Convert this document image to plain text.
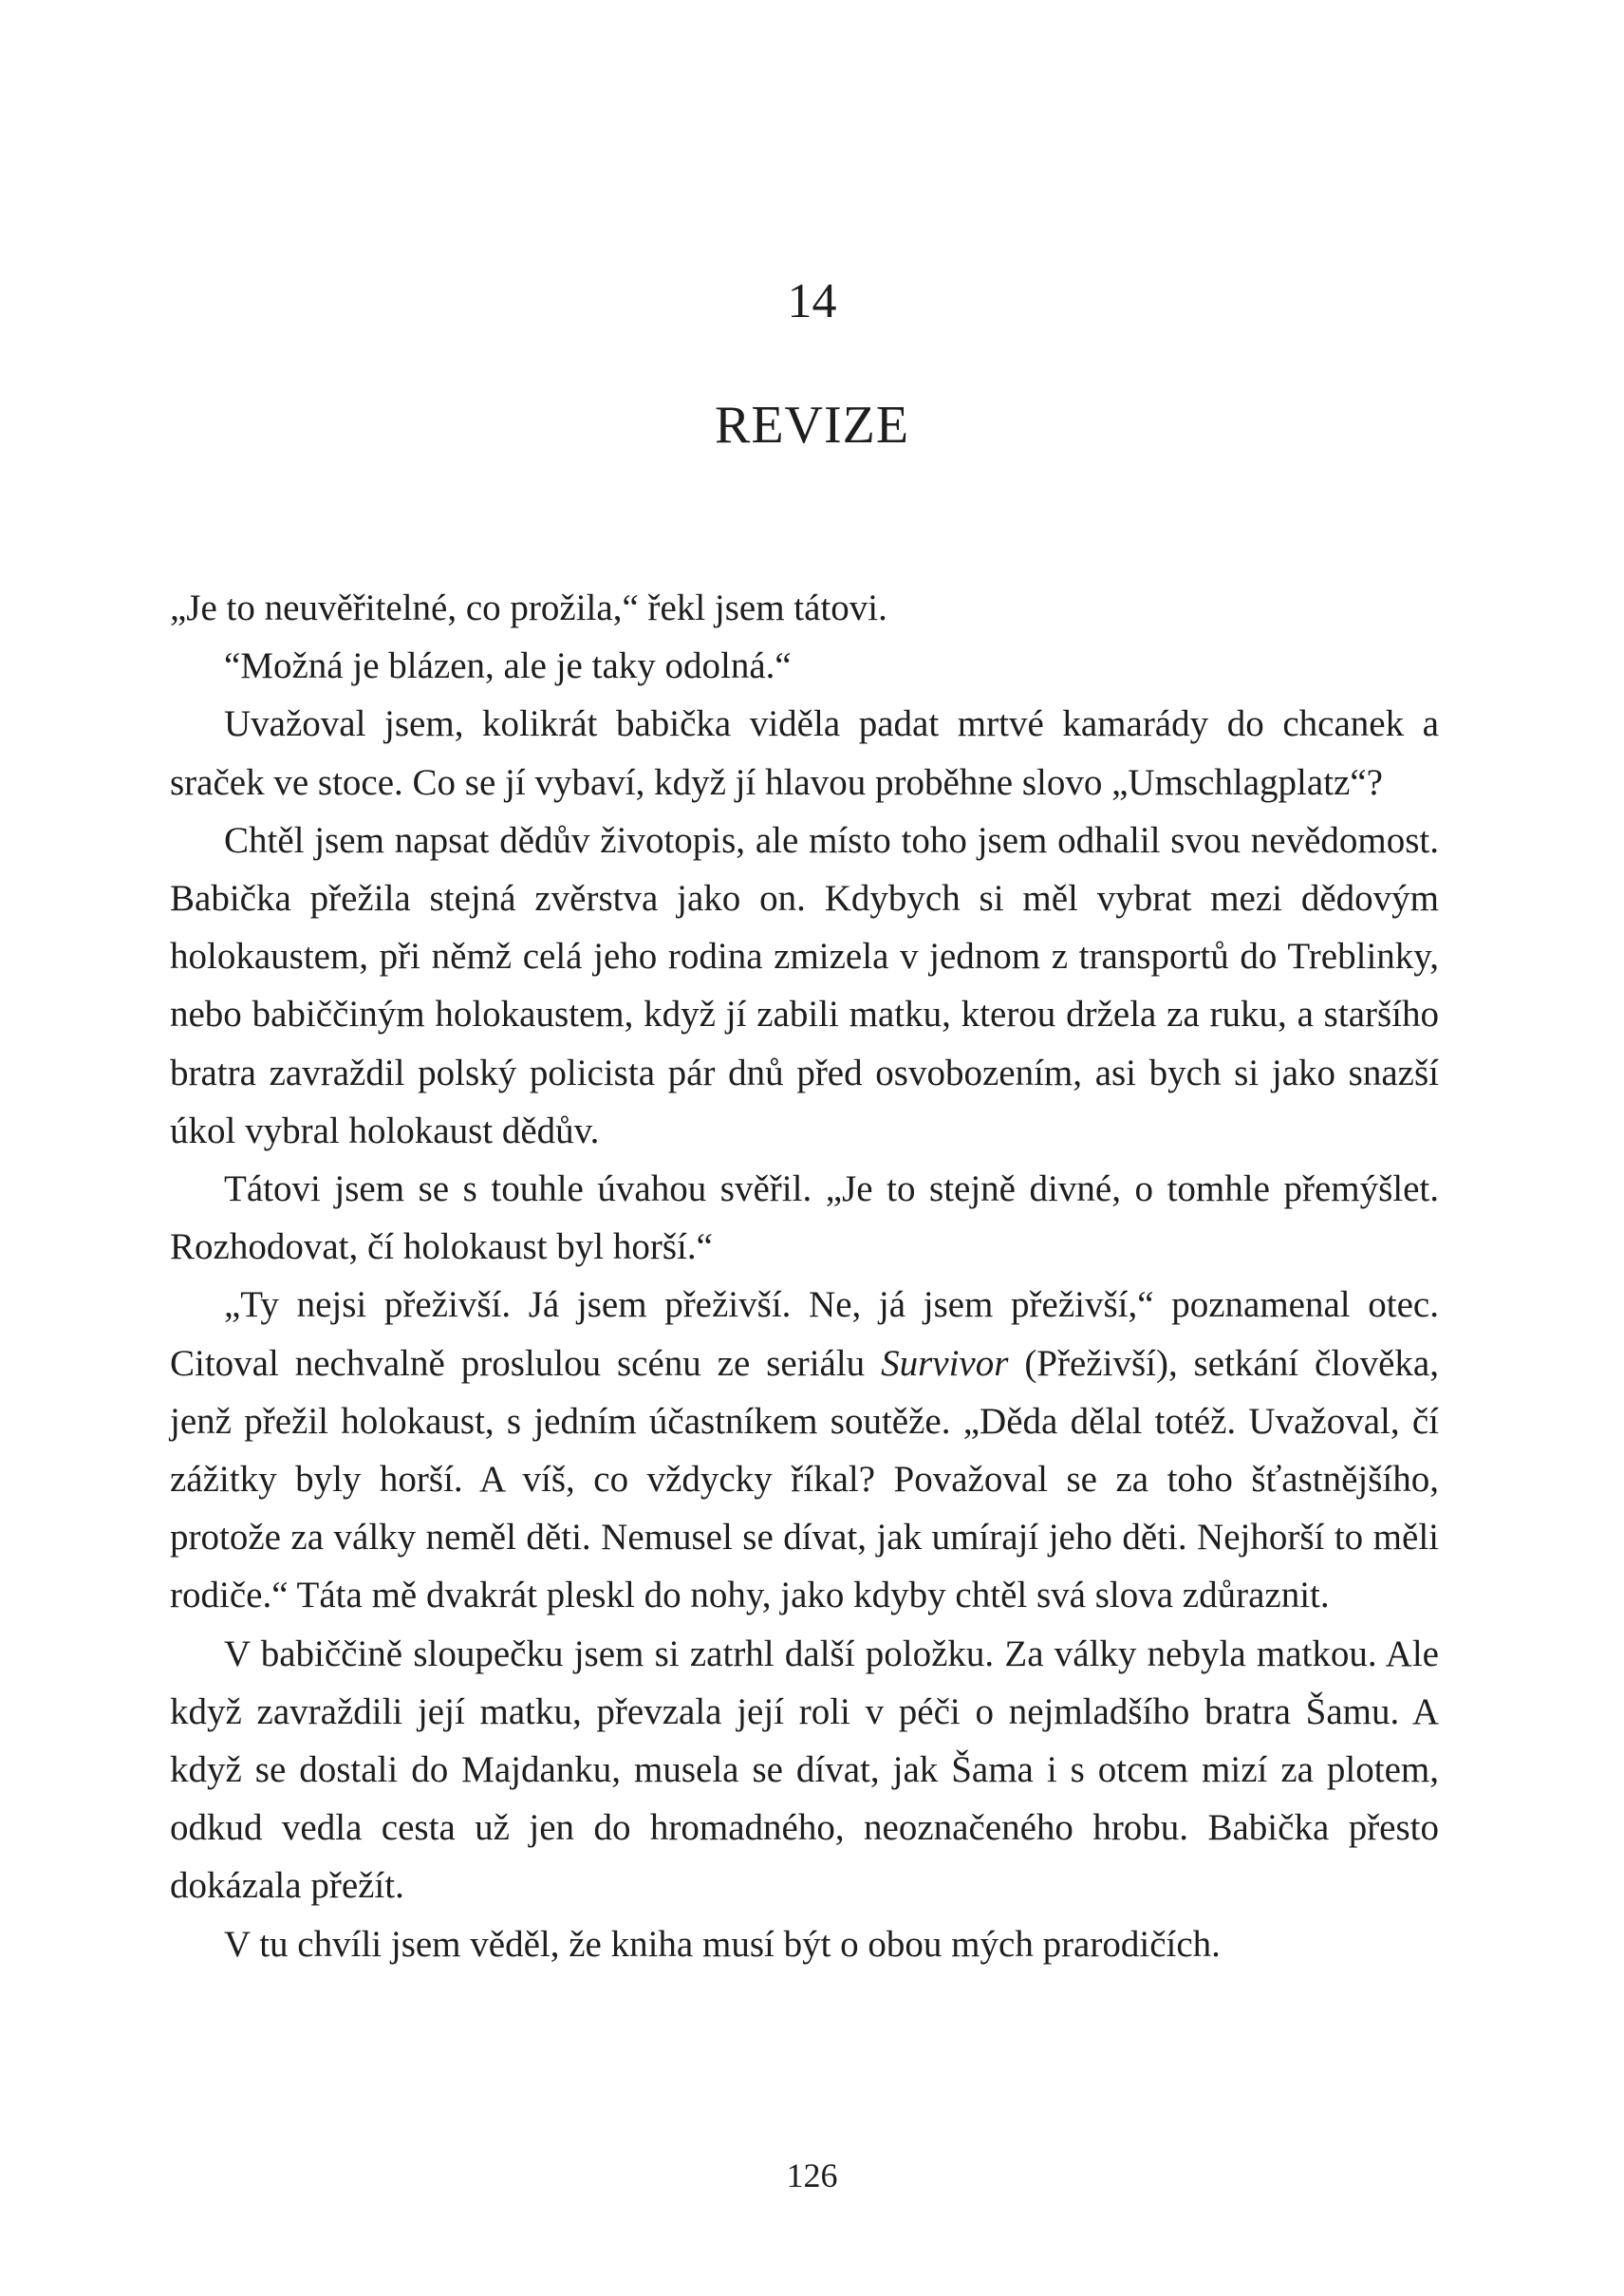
14
REVIZE

„Je to neuvěřitelné, co prožila,“ řekl jsem tátovi.

“Možná je blázen, ale je taky odolná.“

Uvažoval jsem, kolikrát babička viděla padat mrtvé kamarády do chcanek a sraček ve stoce. Co se jí vybaví, když jí hlavou proběhne slovo „Umschlagplatz“?

Chtěl jsem napsat dědův životopis, ale místo toho jsem odhalil svou nevědomost. Babička přežila stejná zvěrstva jako on. Kdybych si měl vybrat mezi dědovým holokaustem, při němž celá jeho rodina zmizela v jednom z transportů do Treblinky, nebo babiččiným holokaustem, když jí zabili matku, kterou držela za ruku, a staršího bratra zavraždil polský policista pár dnů před osvobozením, asi bych si jako snazší úkol vybral holokaust dědův.

Tátovi jsem se s touhle úvahou svěřil. „Je to stejně divné, o tomhle přemýšlet. Rozhodovat, čí holokaust byl horší.“

„Ty nejsi přeživší. Já jsem přeživší. Ne, já jsem přeživší,“ poznamenal otec. Citoval nechvalně proslulou scénu ze seriálu Survivor (Přeživší), setkání člověka, jenž přežil holokaust, s jedním účastníkem soutěže. „Děda dělal totéž. Uvažoval, čí zážitky byly horší. A víš, co vždycky říkal? Považoval se za toho šťastnějšího, protože za války neměl děti. Nemusel se dívat, jak umírají jeho děti. Nejhorší to měli rodiče.“ Táta mě dvakrát pleskl do nohy, jako kdyby chtěl svá slova zdůraznit.

V babiččině sloupečku jsem si zatrhl další položku. Za války nebyla matkou. Ale když zavraždili její matku, převzala její roli v péči o nejmladšího bratra Šamu. A když se dostali do Majdanku, musela se dívat, jak Šama i s otcem mizí za plotem, odkud vedla cesta už jen do hromadného, neoznačeného hrobu. Babička přesto dokázala přežít.

V tu chvíli jsem věděl, že kniha musí být o obou mých prarodičích.

126
